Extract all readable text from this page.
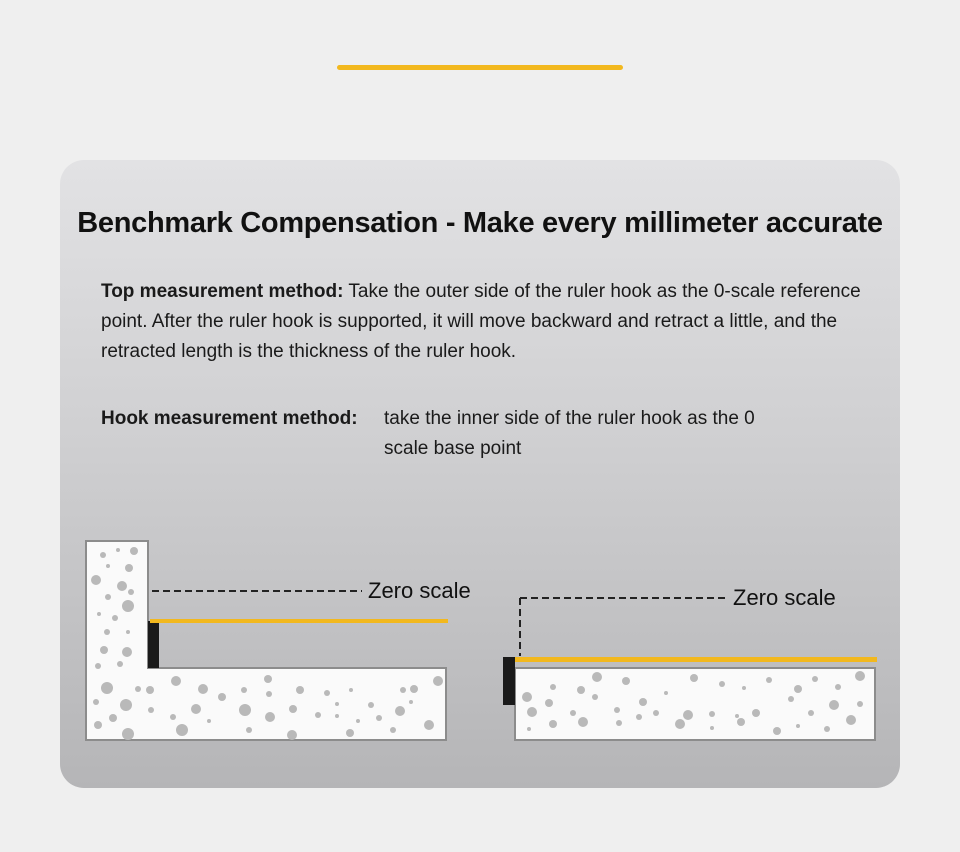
Benchmark Compensation - Make every millimeter accurate
Top measurement method: Take the outer side of the ruler hook as the 0-scale reference point. After the ruler hook is supported, it will move backward and retract a little, and the retracted length is the thickness of the ruler hook.
Hook measurement method: take the inner side of the ruler hook as the 0 scale base point
Zero scale	Zero scale
